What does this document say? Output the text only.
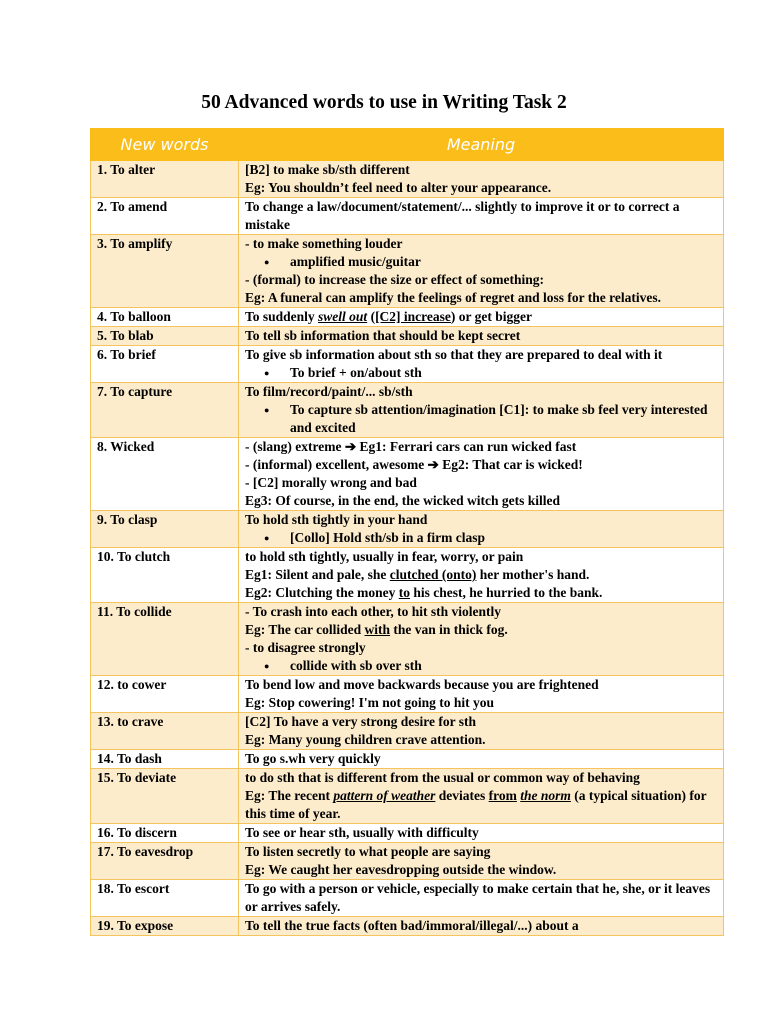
50 Advanced words to use in Writing Task 2
New words	Meaning
1. To alter	[B2] to make sb/sth different
Eg: You shouldn’t feel need to alter your appearance.

2. To amend	To change a law/document/statement/... slightly to improve it or to correct a mistake

3. To amplify	- to make something louder
● amplified music/guitar
- (formal) to increase the size or effect of something:
Eg: A funeral can amplify the feelings of regret and loss for the relatives.

4. To balloon	To suddenly swell out ([C2] increase) or get bigger

5. To blab	To tell sb information that should be kept secret

6. To brief	To give sb information about sth so that they are prepared to deal with it
● To brief + on/about sth

7. To capture	To film/record/paint/... sb/sth
● To capture sb attention/imagination [C1]: to make sb feel very interested and excited

8. Wicked	- (slang) extreme ➔ Eg1: Ferrari cars can run wicked fast
- (informal) excellent, awesome ➔ Eg2: That car is wicked!
- [C2] morally wrong and bad
Eg3: Of course, in the end, the wicked witch gets killed

9. To clasp	To hold sth tightly in your hand
● [Collo] Hold sth/sb in a firm clasp

10. To clutch	to hold sth tightly, usually in fear, worry, or pain
Eg1: Silent and pale, she clutched (onto) her mother's hand.
Eg2: Clutching the money to his chest, he hurried to the bank.

11. To collide	- To crash into each other, to hit sth violently
Eg: The car collided with the van in thick fog.
- to disagree strongly
● collide with sb over sth

12. to cower	To bend low and move backwards because you are frightened
Eg: Stop cowering! I'm not going to hit you

13. to crave	[C2] To have a very strong desire for sth
Eg: Many young children crave attention.

14. To dash	To go s.wh very quickly

15. To deviate	to do sth that is different from the usual or common way of behaving
Eg: The recent pattern of weather deviates from the norm (a typical situation) for this time of year.

16. To discern	To see or hear sth, usually with difficulty

17. To eavesdrop	To listen secretly to what people are saying
Eg: We caught her eavesdropping outside the window.

18. To escort	To go with a person or vehicle, especially to make certain that he, she, or it leaves or arrives safely.

19. To expose	To tell the true facts (often bad/immoral/illegal/...) about a
